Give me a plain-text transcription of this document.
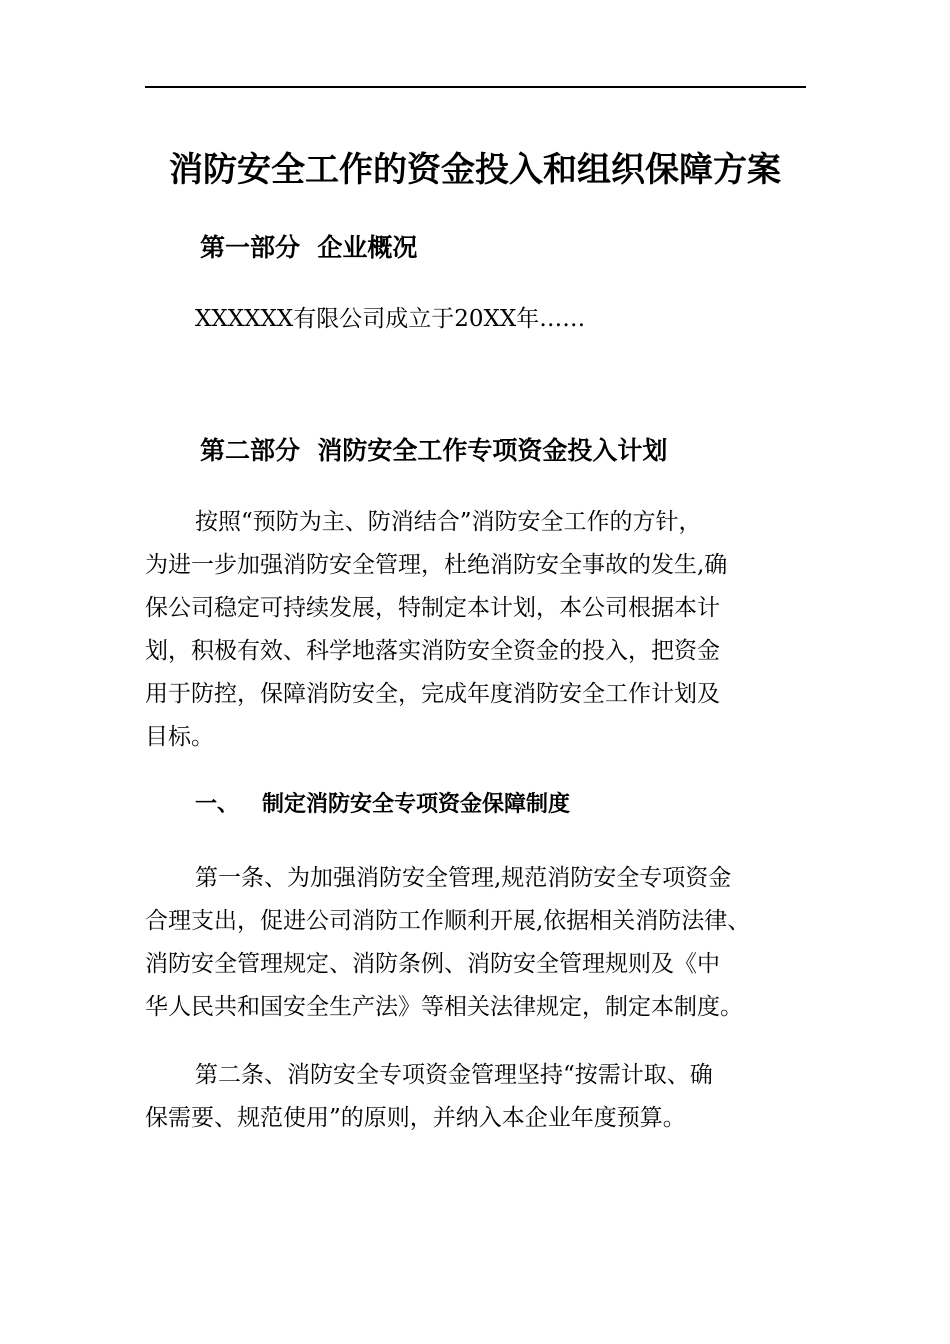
消防安全工作的资金投入和组织保障方案
第一部分  企业概况
XXXXXX有限公司成立于20XX年……
第二部分  消防安全工作专项资金投入计划
按照“预防为主、防消结合”消防安全工作的方针，
为进一步加强消防安全管理，杜绝消防安全事故的发生,确
保公司稳定可持续发展，特制定本计划，本公司根据本计
划，积极有效、科学地落实消防安全资金的投入，把资金
用于防控，保障消防安全，完成年度消防安全工作计划及
目标。
一、   制定消防安全专项资金保障制度
第一条、为加强消防安全管理,规范消防安全专项资金
合理支出，促进公司消防工作顺利开展,依据相关消防法律、
消防安全管理规定、消防条例、消防安全管理规则及《中
华人民共和国安全生产法》等相关法律规定，制定本制度。
第二条、消防安全专项资金管理坚持“按需计取、确
保需要、规范使用”的原则，并纳入本企业年度预算。
